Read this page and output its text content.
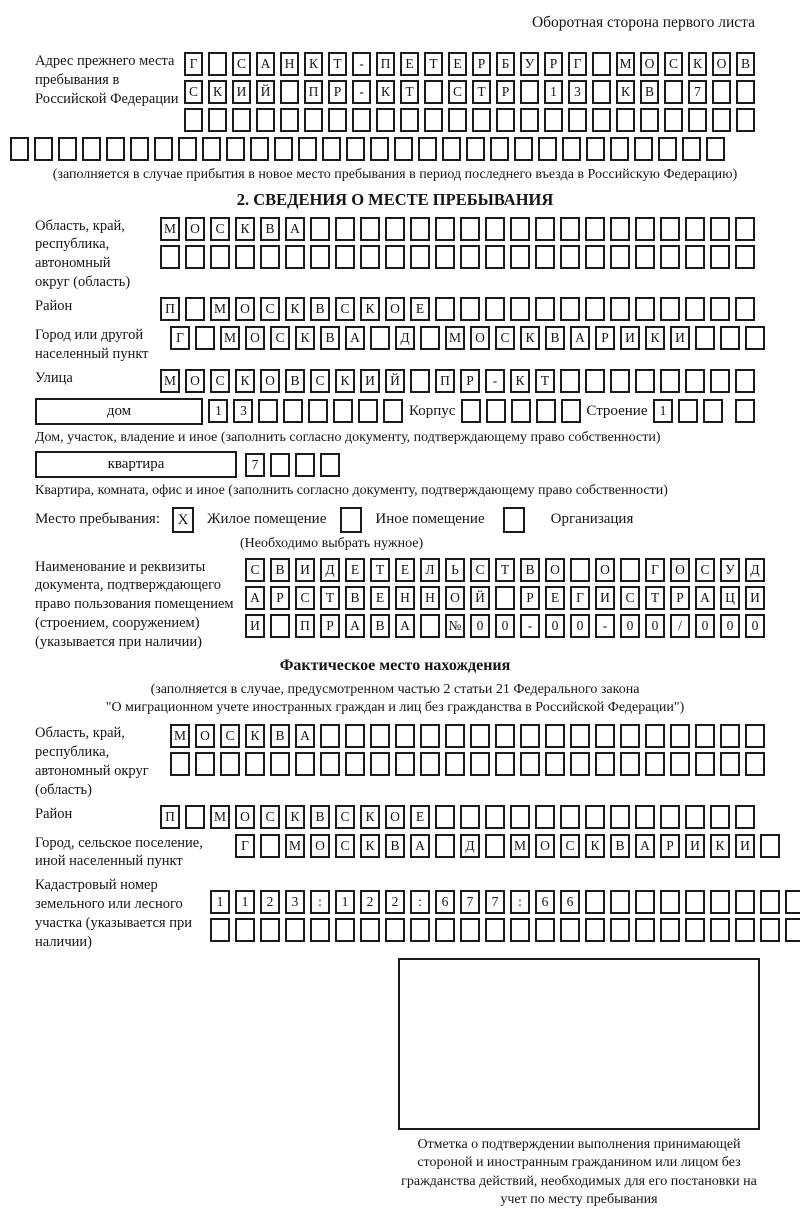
Оборотная сторона первого листа
Адрес прежнего места пребывания в Российской Федерации
Г	С	А	Н	К	Т	-	П	Е	Т	Е	Р	Б	У	Р	Г	М О	С	К	О	В
С	К	И	Й	П	Р	-	К	Т	С	Т	Р	1	3	К	В	7
(заполняется в случае прибытия в новое место пребывания в период последнего въезда в Российскую Федерацию)
2. СВЕДЕНИЯ О МЕСТЕ ПРЕБЫВАНИЯ
Область, край, республика, автономный округ (область)
М	О	С	К	В	А
Район	П	М	О	С	К	В	С	К	О	Е
Город или другой населенный пункт
Г	М	О	С	К	В	А	Д	М	О	С	К	В	А	Р	И	К	И
Улица	М	О	С	К	О	В	С	К	И	Й	П	Р	-	К	Т
дом	1	3	Корпус	Строение 1
Дом, участок, владение и иное (заполнить согласно документу, подтверждающему право собственности)
квартира	7
Квартира, комната, офис и иное (заполнить согласно документу, подтверждающему право собственности)
Место пребывания:	X	Жилое помещение	Иное помещение	Организация
(Необходимо выбрать нужное)
Наименование и реквизиты документа, подтверждающего право пользования помещением (строением, сооружением) (указывается при наличии)
С	В	И	Д	Е	Т	Е	Л	Ь	С	Т	В	О	О	Г	О	С	У	Д
А	Р	С	Т	В	Е	Н	Н	О	Й	Р	Е	Г	И	С	Т	Р	А	Ц	И
И	П	Р	А	В	А	№	0	0	-	0	0	-	0	0	/	0	0	0
Фактическое место нахождения
(заполняется в случае, предусмотренном частью 2 статьи 21 Федерального закона
"О миграционном учете иностранных граждан и лиц без гражданства в Российской Федерации")
Область, край, республика, автономный округ (область)
М	О	С	К	В	А
Район	П	М	О	С	К	В	С	К	О	Е
Город, сельское поселение, иной населенный пункт
Г	М	О	С	К	В	А	Д	М	О	С	К	В	А	Р	И	К	И
Кадастровый номер земельного или лесного участка (указывается при наличии)
1	1	2	3	:	1	2	2	:	6	7	7	:	6	6
Отметка о подтверждении выполнения принимающей стороной и иностранным гражданином или лицом без гражданства действий, необходимых для его постановки на учет по месту пребывания
